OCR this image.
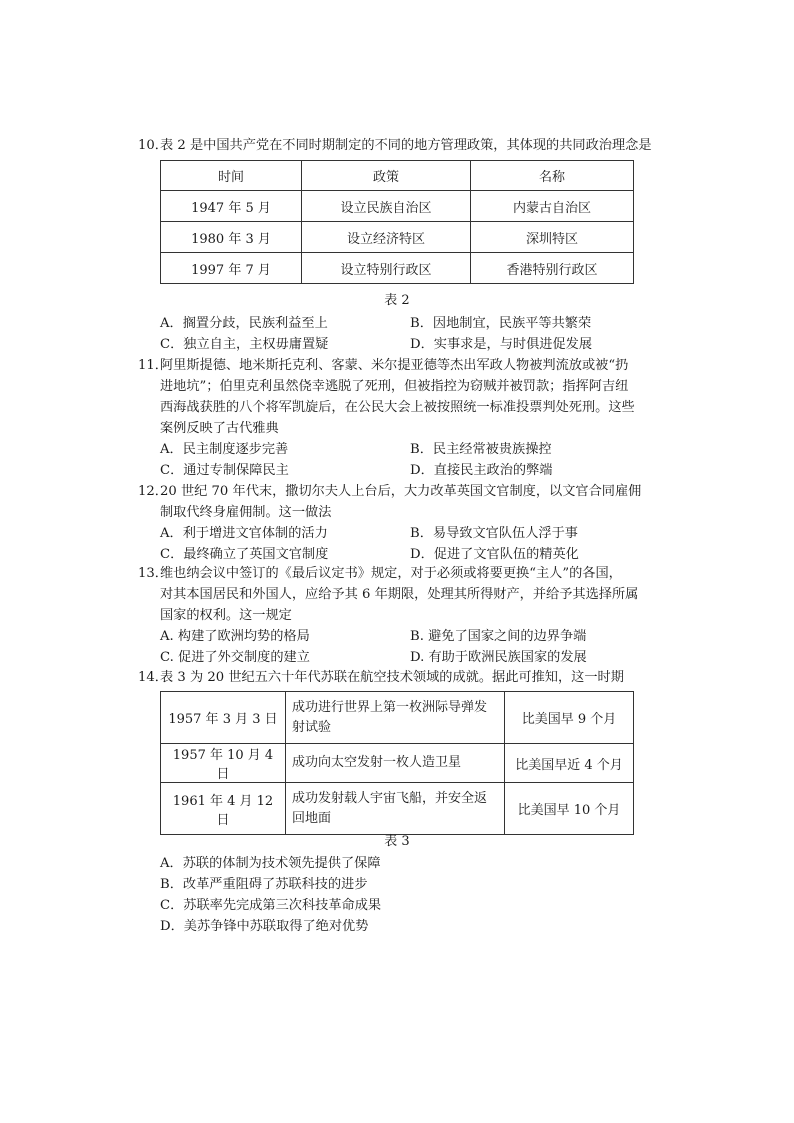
10．表 2 是中国共产党在不同时期制定的不同的地方管理政策，其体现的共同政治理念是

时间	政策	名称
1947 年 5 月	设立民族自治区	内蒙古自治区
1980 年 3 月	设立经济特区	深圳特区
1997 年 7 月	设立特别行政区	香港特别行政区
表 2
A．搁置分歧，民族利益至上	B．因地制宜，民族平等共繁荣
C．独立自主，主权毋庸置疑	D．实事求是，与时俱进促发展

11．阿里斯提德、地米斯托克利、客蒙、米尔提亚德等杰出军政人物被判流放或被“扔

进地坑”；伯里克利虽然侥幸逃脱了死刑，但被指控为窃贼并被罚款；指挥阿吉纽

西海战获胜的八个将军凯旋后，在公民大会上被按照统一标准投票判处死刑。这些

案例反映了古代雅典

A．民主制度逐步完善	B．民主经常被贵族操控
C．通过专制保障民主	D．直接民主政治的弊端

12．20 世纪 70 年代末，撒切尔夫人上台后，大力改革英国文官制度，以文官合同雇佣

制取代终身雇佣制。这一做法

A．利于增进文官体制的活力	B．易导致文官队伍人浮于事
C．最终确立了英国文官制度	D．促进了文官队伍的精英化

13．维也纳会议中签订的《最后议定书》规定，对于必须或将要更换“主人”的各国，

对其本国居民和外国人，应给予其 6 年期限，处理其所得财产，并给予其选择所属

国家的权利。这一规定

A. 构建了欧洲均势的格局	B. 避免了国家之间的边界争端
C. 促进了外交制度的建立	D. 有助于欧洲民族国家的发展

14．表 3 为 20 世纪五六十年代苏联在航空技术领域的成就。据此可推知，这一时期

1957 年 3 月 3 日	成功进行世界上第一枚洲际导弹发射试验	比美国早 9 个月
1957 年 10 月 4 日	成功向太空发射一枚人造卫星	比美国早近 4 个月
1961 年 4 月 12 日	成功发射载人宇宙飞船，并安全返回地面	比美国早 10 个月
表 3
A．苏联的体制为技术领先提供了保障
B．改革严重阻碍了苏联科技的进步
C．苏联率先完成第三次科技革命成果
D．美苏争锋中苏联取得了绝对优势
